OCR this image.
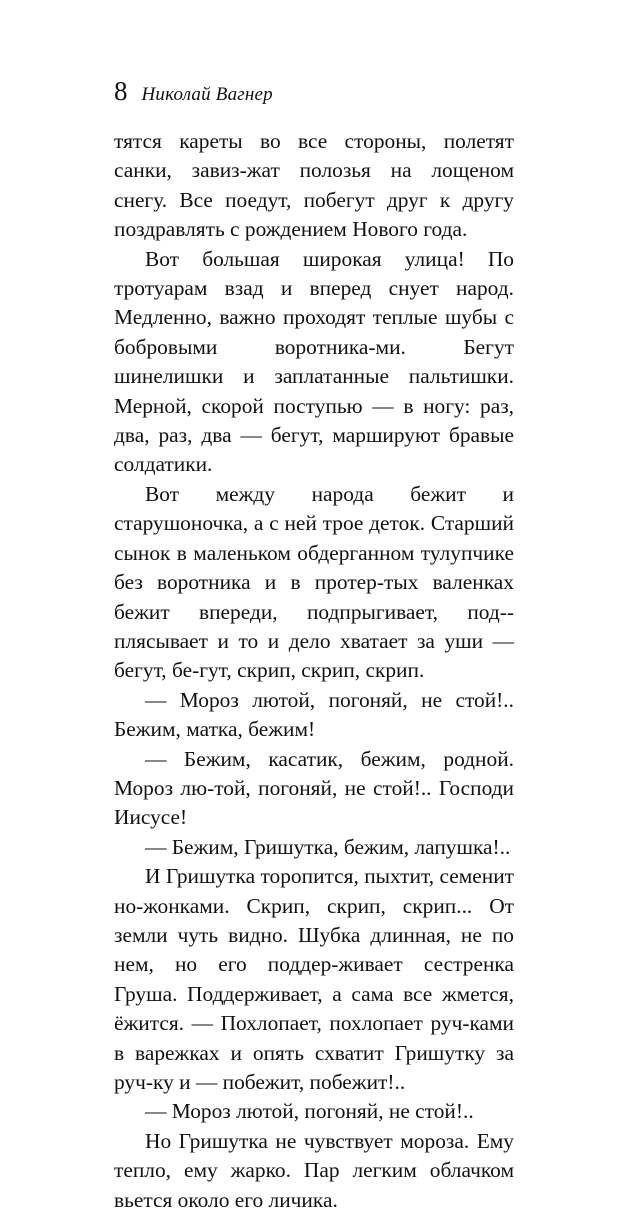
8 Николай Вагнер

тятся кареты во все стороны, полетят санки, завиз-жат полозья на лощеном снегу. Все поедут, побегут друг к другу поздравлять с рождением Нового года.

Вот большая широкая улица! По тротуарам взад и вперед снует народ. Медленно, важно проходят теплые шубы с бобровыми воротника-ми. Бегут шинелишки и заплатанные пальтишки. Мерной, скорой поступью — в ногу: раз, два, раз, два — бегут, маршируют бравые солдатики.

Вот между народа бежит и старушоночка, а с ней трое деток. Старший сынок в маленьком обдерганном тулупчике без воротника и в протер-тых валенках бежит впереди, подпрыгивает, под-плясывает и то и дело хватает за уши — бегут, бе-гут, скрип, скрип, скрип.

— Мороз лютой, погоняй, не стой!.. Бежим, матка, бежим!

— Бежим, касатик, бежим, родной. Мороз лю-той, погоняй, не стой!.. Господи Иисусе!

— Бежим, Гришутка, бежим, лапушка!..

И Гришутка торопится, пыхтит, семенит но-жонками. Скрип, скрип, скрип... От земли чуть видно. Шубка длинная, не по нем, но его поддер-живает сестренка Груша. Поддерживает, а сама все жмется, ёжится. — Похлопает, похлопает руч-ками в варежках и опять схватит Гришутку за руч-ку и — побежит, побежит!..

— Мороз лютой, погоняй, не стой!..

Но Гришутка не чувствует мороза. Ему тепло, ему жарко. Пар легким облачком вьется около его личика.
